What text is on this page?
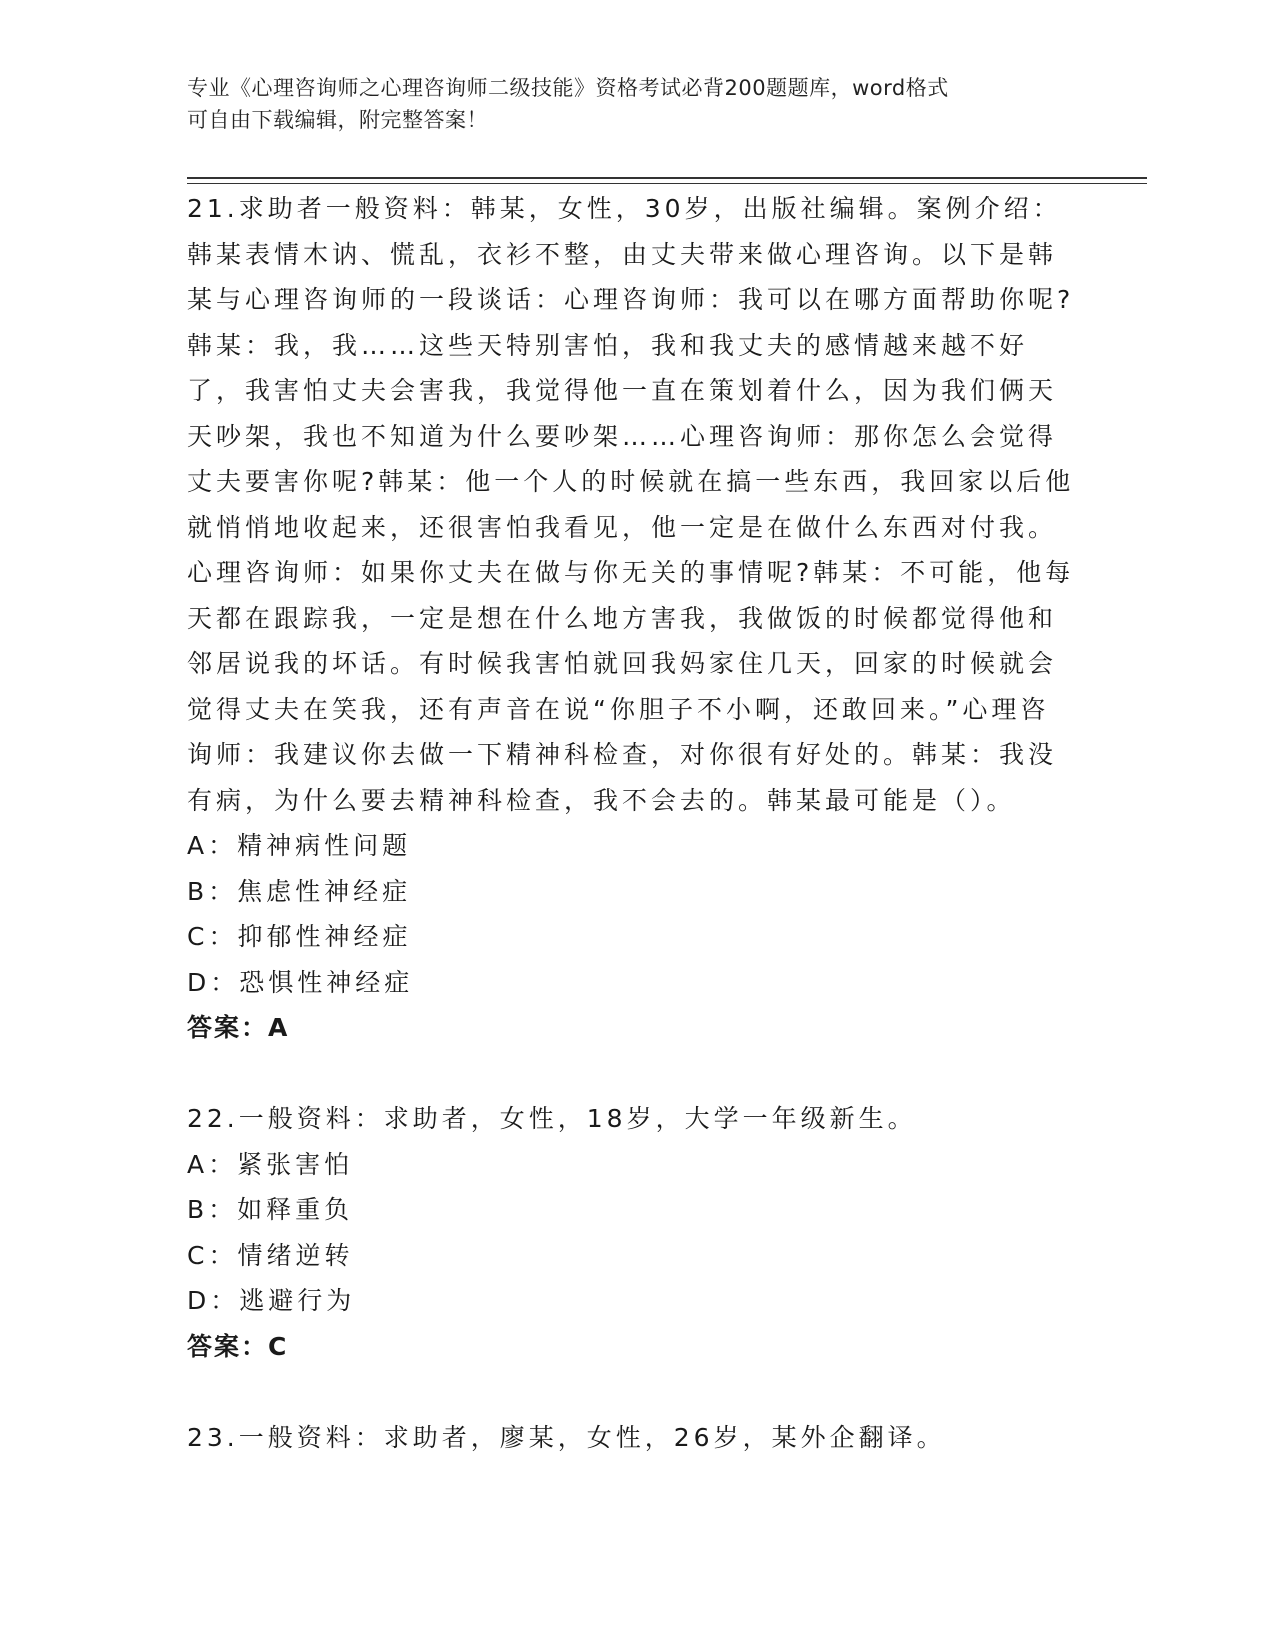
专业《心理咨询师之心理咨询师二级技能》资格考试必背200题题库，word格式
可自由下载编辑，附完整答案！

21.求助者一般资料：韩某，女性，30岁，出版社编辑。案例介绍：韩某表情木讷、慌乱，衣衫不整，由丈夫带来做心理咨询。以下是韩某与心理咨询师的一段谈话：心理咨询师：我可以在哪方面帮助你呢?韩某：我，我……这些天特别害怕，我和我丈夫的感情越来越不好了，我害怕丈夫会害我，我觉得他一直在策划着什么，因为我们俩天天吵架，我也不知道为什么要吵架……心理咨询师：那你怎么会觉得丈夫要害你呢?韩某：他一个人的时候就在搞一些东西，我回家以后他就悄悄地收起来，还很害怕我看见，他一定是在做什么东西对付我。心理咨询师：如果你丈夫在做与你无关的事情呢?韩某：不可能，他每天都在跟踪我，一定是想在什么地方害我，我做饭的时候都觉得他和邻居说我的坏话。有时候我害怕就回我妈家住几天，回家的时候就会觉得丈夫在笑我，还有声音在说“你胆子不小啊，还敢回来。”心理咨询师：我建议你去做一下精神科检查，对你很有好处的。韩某：我没有病，为什么要去精神科检查，我不会去的。韩某最可能是（）。

A：精神病性问题

B：焦虑性神经症

C：抑郁性神经症

D：恐惧性神经症

答案：A

22.一般资料：求助者，女性，18岁，大学一年级新生。

A：紧张害怕

B：如释重负

C：情绪逆转

D：逃避行为

答案：C

23.一般资料：求助者，廖某，女性，26岁，某外企翻译。
